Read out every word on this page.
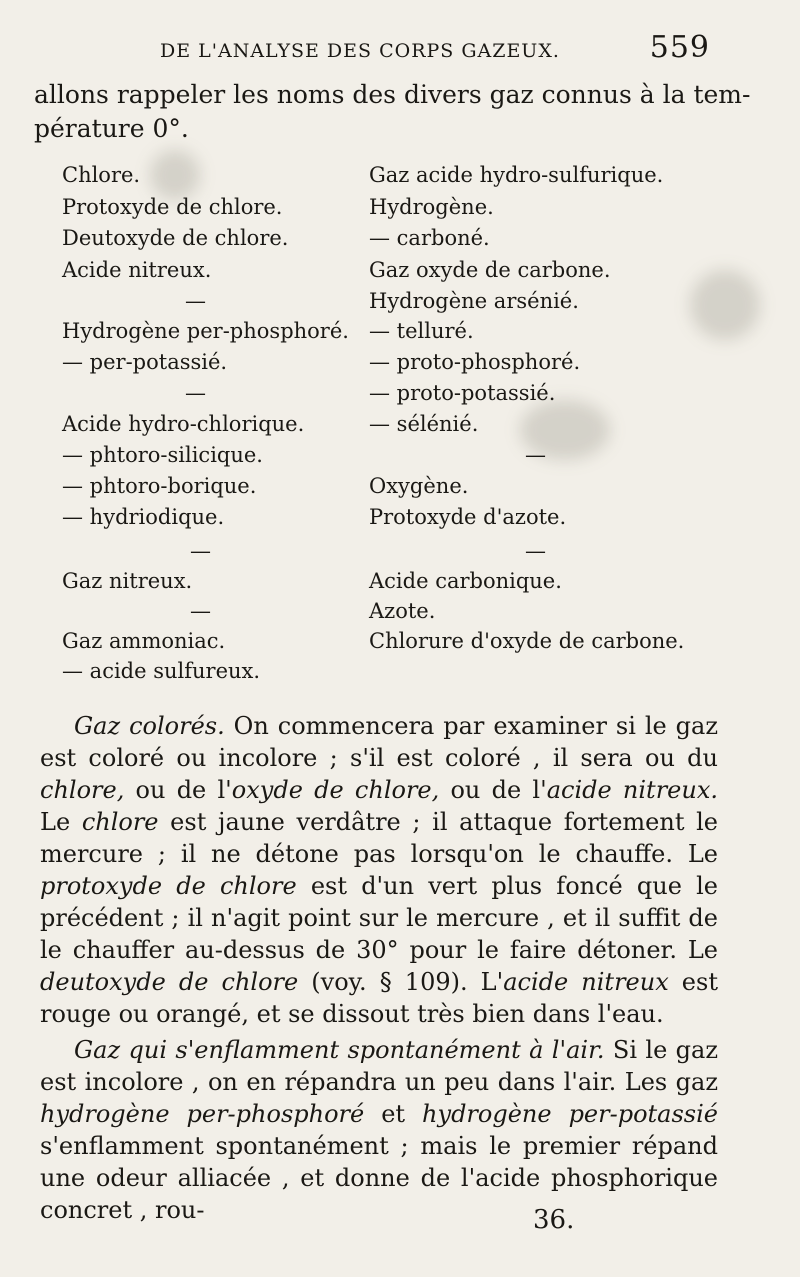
DE L'ANALYSE DES CORPS GAZEUX.	559
allons rappeler les noms des divers gaz connus à la tem-
pérature 0°.
Chlore.
Protoxyde de chlore.
Deutoxyde de chlore.
Acide nitreux.
—
Hydrogène per-phosphoré.
— per-potassié.
—
Acide hydro-chlorique.
— phtoro-silicique.
— phtoro-borique.
— hydriodique.
—
Gaz nitreux.
—
Gaz ammoniac.
— acide sulfureux.
Gaz acide hydro-sulfurique.
Hydrogène.
— carboné.
Gaz oxyde de carbone.
Hydrogène arsénié.
— telluré.
— proto-phosphoré.
— proto-potassié.
— sélénié.
—
Oxygène.
Protoxyde d'azote.
—
Acide carbonique.
Azote.
Chlorure d'oxyde de carbone.

Gaz colorés. On commencera par examiner si le gaz est coloré ou incolore ; s'il est coloré , il sera ou du chlore, ou de l'oxyde de chlore, ou de l'acide nitreux. Le chlore est jaune verdâtre ; il attaque fortement le mercure ; il ne détone pas lorsqu'on le chauffe. Le protoxyde de chlore est d'un vert plus foncé que le précédent ; il n'agit point sur le mercure , et il suffit de le chauffer au-dessus de 30° pour le faire détoner. Le deutoxyde de chlore (voy. § 109). L'acide nitreux est rouge ou orangé, et se dissout très bien dans l'eau.

Gaz qui s'enflamment spontanément à l'air. Si le gaz est incolore , on en répandra un peu dans l'air. Les gaz hydrogène per-phosphoré et hydrogène per-potassié s'enflamment spontanément ; mais le premier répand une odeur alliacée , et donne de l'acide phosphorique concret , rou-	36.
